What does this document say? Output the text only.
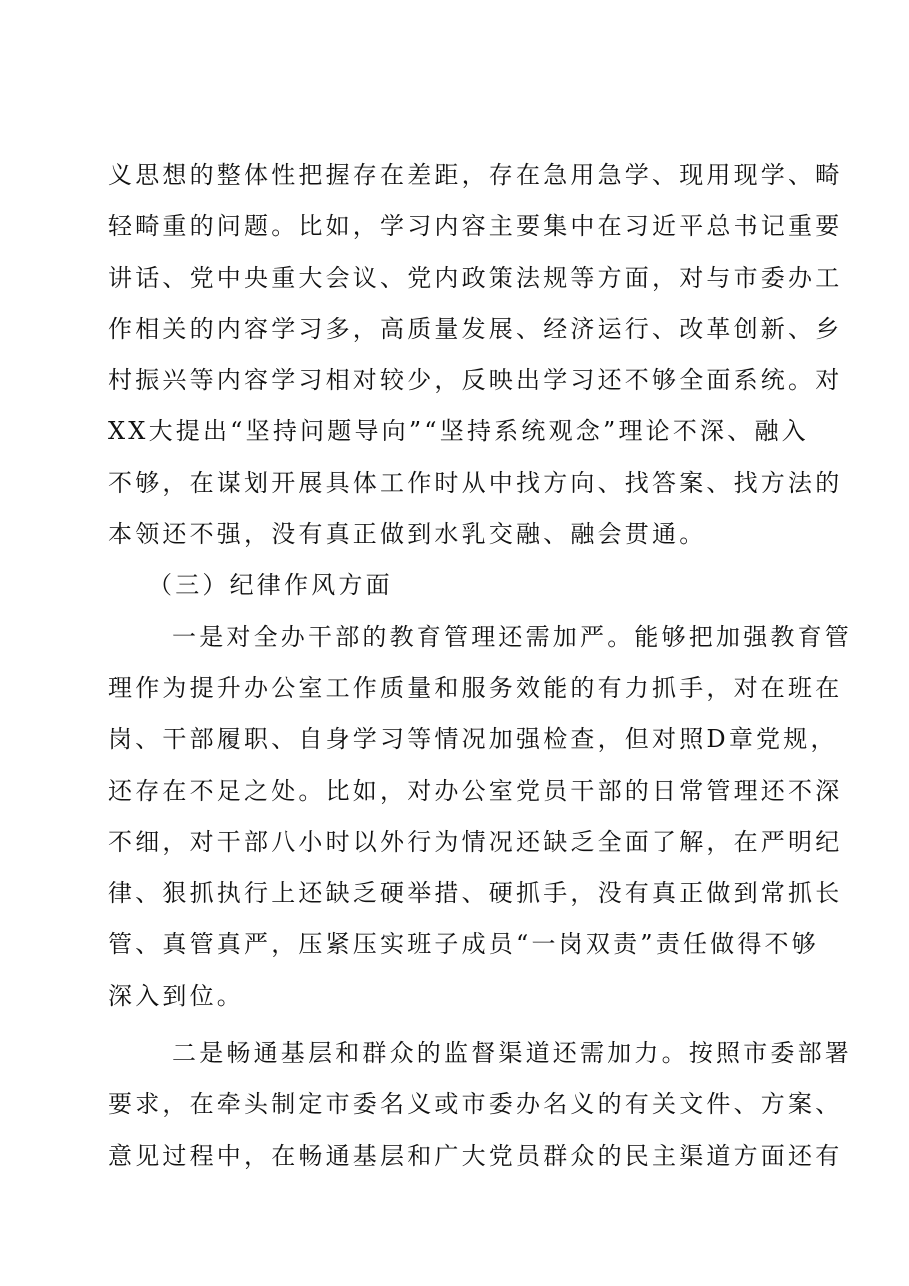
义思想的整体性把握存在差距，存在急用急学、现用现学、畸
轻畸重的问题。比如，学习内容主要集中在习近平总书记重要
讲话、党中央重大会议、党内政策法规等方面，对与市委办工
作相关的内容学习多，高质量发展、经济运行、改革创新、乡
村振兴等内容学习相对较少，反映出学习还不够全面系统。对
XX大提出“坚持问题导向”“坚持系统观念”理论不深、融入
不够，在谋划开展具体工作时从中找方向、找答案、找方法的
本领还不强，没有真正做到水乳交融、融会贯通。
（三）纪律作风方面
一是对全办干部的教育管理还需加严。能够把加强教育管
理作为提升办公室工作质量和服务效能的有力抓手，对在班在
岗、干部履职、自身学习等情况加强检查，但对照D章党规，
还存在不足之处。比如，对办公室党员干部的日常管理还不深
不细，对干部八小时以外行为情况还缺乏全面了解，在严明纪
律、狠抓执行上还缺乏硬举措、硬抓手，没有真正做到常抓长
管、真管真严，压紧压实班子成员“一岗双责”责任做得不够
深入到位。
二是畅通基层和群众的监督渠道还需加力。按照市委部署
要求，在牵头制定市委名义或市委办名义的有关文件、方案、
意见过程中，在畅通基层和广大党员群众的民主渠道方面还有
